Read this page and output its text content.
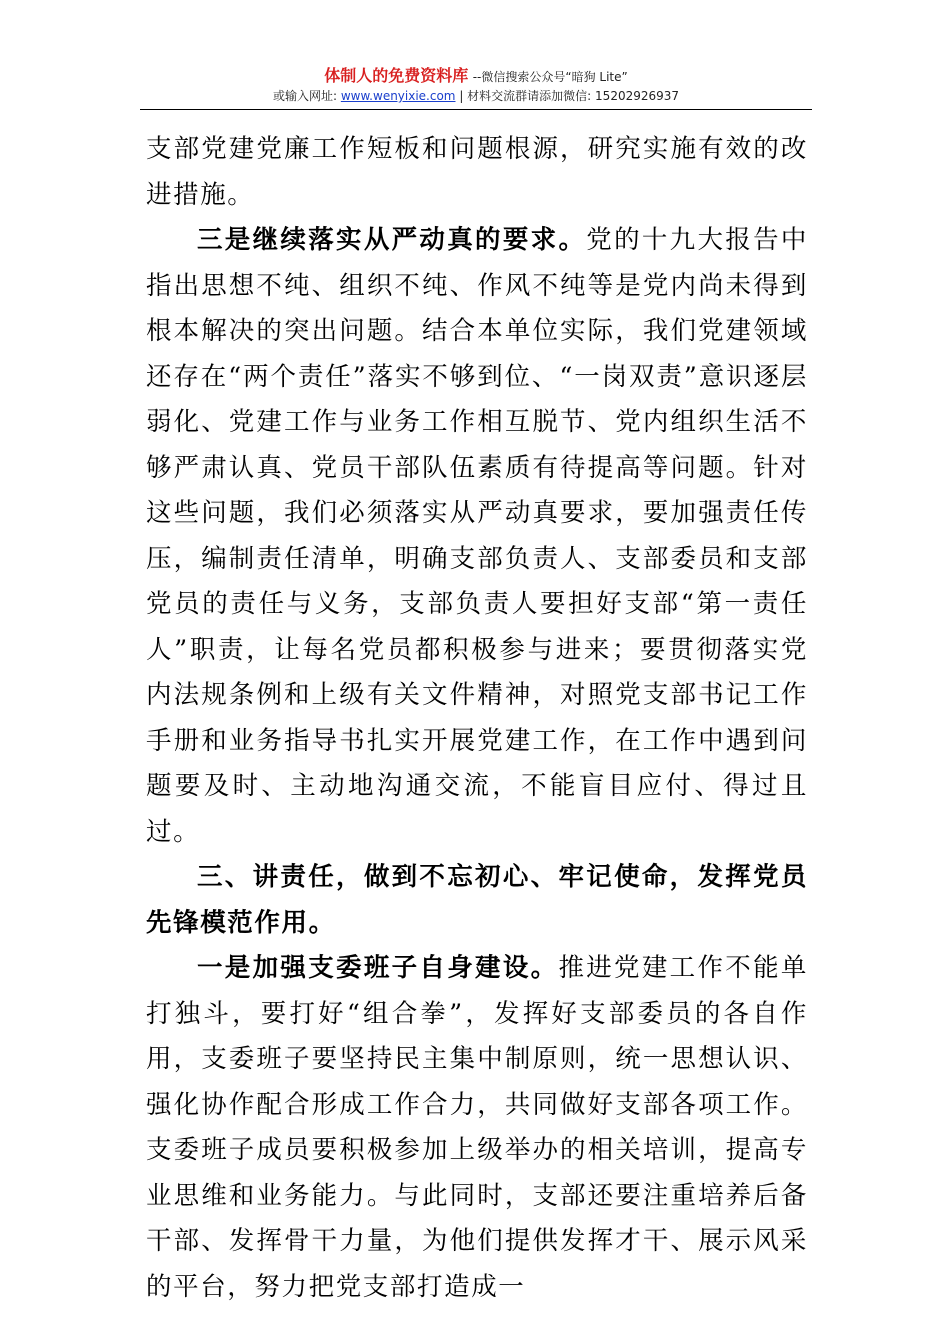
体制人的免费资料库 --微信搜索公众号“暗狗 Lite”
或输入网址: www.wenyixie.com | 材料交流群请添加微信: 15202926937

支部党建党廉工作短板和问题根源，研究实施有效的改进措施。

三是继续落实从严动真的要求。党的十九大报告中指出思想不纯、组织不纯、作风不纯等是党内尚未得到根本解决的突出问题。结合本单位实际，我们党建领域还存在“两个责任”落实不够到位、“一岗双责”意识逐层弱化、党建工作与业务工作相互脱节、党内组织生活不够严肃认真、党员干部队伍素质有待提高等问题。针对这些问题，我们必须落实从严动真要求，要加强责任传压，编制责任清单，明确支部负责人、支部委员和支部党员的责任与义务，支部负责人要担好支部“第一责任人”职责，让每名党员都积极参与进来；要贯彻落实党内法规条例和上级有关文件精神，对照党支部书记工作手册和业务指导书扎实开展党建工作，在工作中遇到问题要及时、主动地沟通交流，不能盲目应付、得过且过。

三、讲责任，做到不忘初心、牢记使命，发挥党员先锋模范作用。

一是加强支委班子自身建设。推进党建工作不能单打独斗，要打好“组合拳”，发挥好支部委员的各自作用，支委班子要坚持民主集中制原则，统一思想认识、强化协作配合形成工作合力，共同做好支部各项工作。支委班子成员要积极参加上级举办的相关培训，提高专业思维和业务能力。与此同时，支部还要注重培养后备干部、发挥骨干力量，为他们提供发挥才干、展示风采的平台，努力把党支部打造成一
